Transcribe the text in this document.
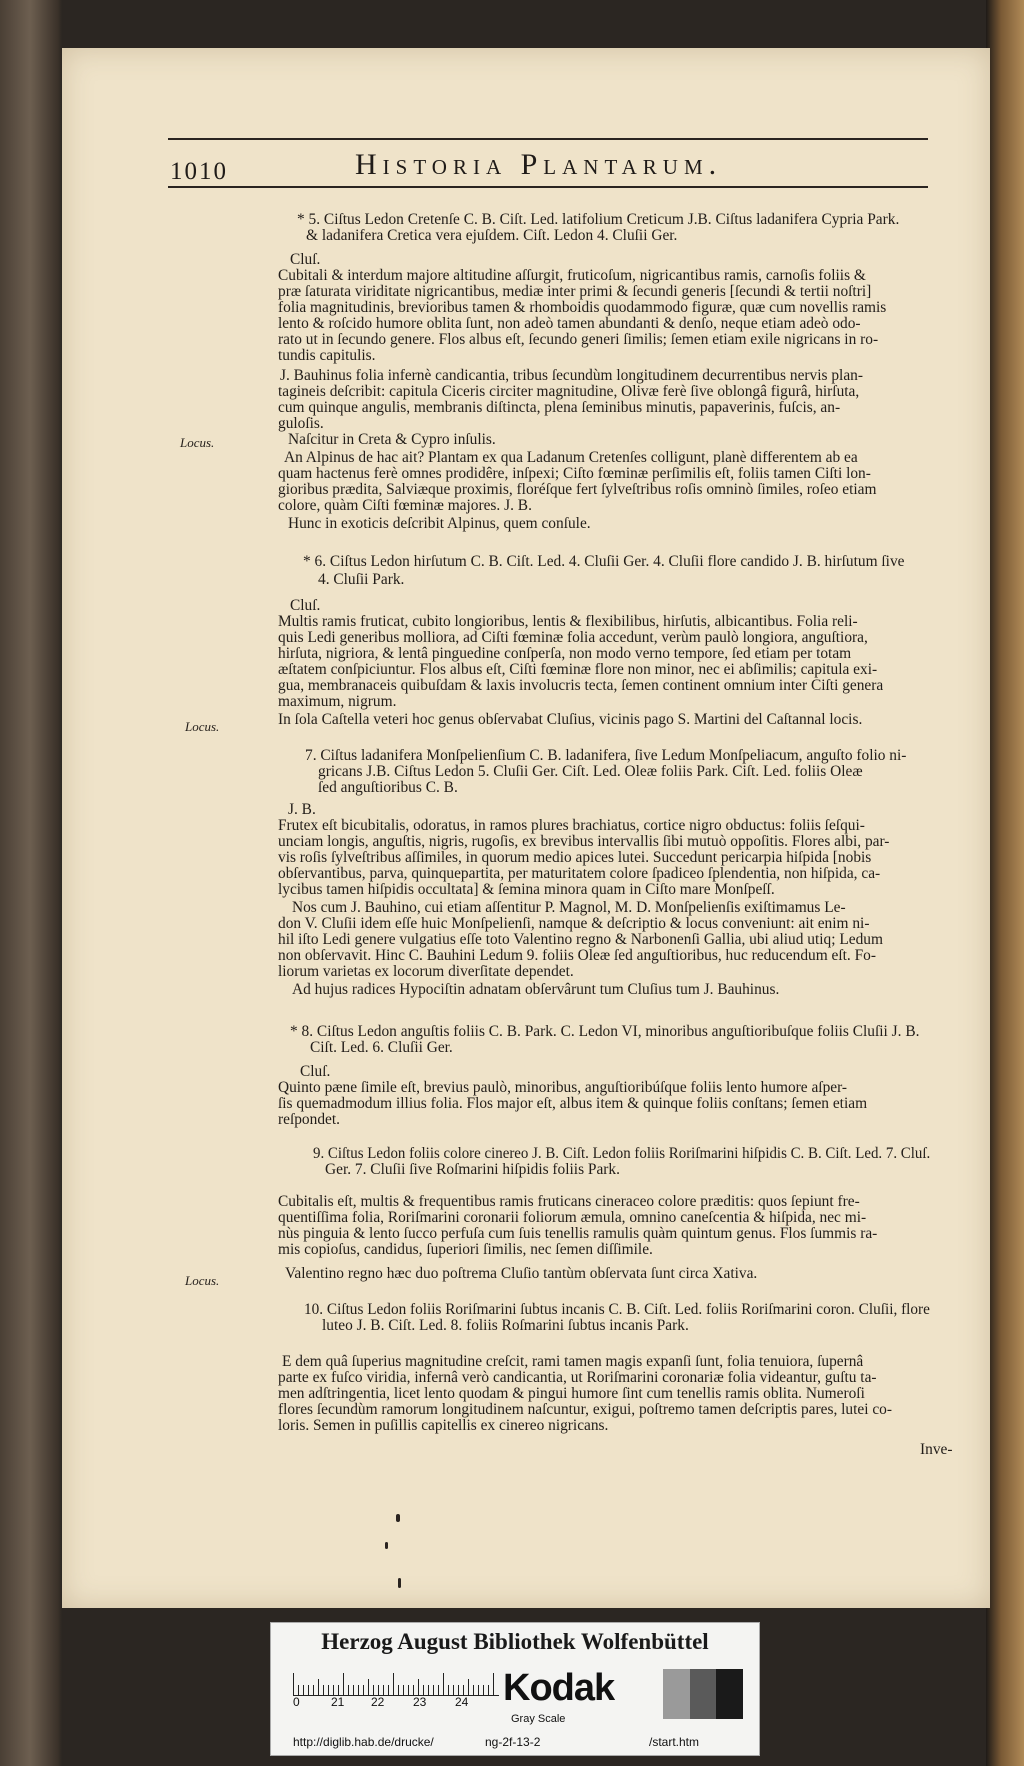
1010	Historia Plantarum.
Locus.
Locus.
Locus.
* 5. Ciſtus Ledon Cretenſe C. B. Ciſt. Led. latifolium Creticum J.B. Ciſtus ladanifera Cypria Park.
& ladanifera Cretica vera ejuſdem. Ciſt. Ledon 4. Cluſii Ger.
Cluſ.
Cubitali & interdum majore altitudine aſſurgit, fruticoſum, nigricantibus ramis, carnoſis foliis &
præ ſaturata viriditate nigricantibus, mediæ inter primi & ſecundi generis [ſecundi & tertii noſtri]
folia magnitudinis, brevioribus tamen & rhomboidis quodammodo figuræ, quæ cum novellis ramis
lento & roſcido humore oblita ſunt, non adeò tamen abundanti & denſo, neque etiam adeò odo-
rato ut in ſecundo genere. Flos albus eſt, ſecundo generi ſimilis; ſemen etiam exile nigricans in ro-
tundis capitulis.
J. Bauhinus folia infernè candicantia, tribus ſecundùm longitudinem decurrentibus nervis plan-
tagineis deſcribit: capitula Ciceris circiter magnitudine, Olivæ ferè ſive oblongâ figurâ, hirſuta,
cum quinque angulis, membranis diſtincta, plena ſeminibus minutis, papaverinis, fuſcis, an-
guloſis.
Naſcitur in Creta & Cypro inſulis.
An Alpinus de hac ait? Plantam ex qua Ladanum Cretenſes colligunt, planè differentem ab ea
quam hactenus ferè omnes prodidêre, inſpexi; Ciſto fœminæ perſimilis eſt, foliis tamen Ciſti lon-
gioribus prædita, Salviæque proximis, floréſque fert ſylveſtribus roſis omninò ſimiles, roſeo etiam
colore, quàm Ciſti fœminæ majores. J. B.
Hunc in exoticis deſcribit Alpinus, quem conſule.
* 6. Ciſtus Ledon hirſutum C. B. Ciſt. Led. 4. Cluſii Ger. 4. Cluſii flore candido J. B. hirſutum ſive
4. Cluſii Park.
Cluſ.
Multis ramis fruticat, cubito longioribus, lentis & flexibilibus, hirſutis, albicantibus. Folia reli-
quis Ledi generibus molliora, ad Ciſti fœminæ folia accedunt, verùm paulò longiora, anguſtiora,
hirſuta, nigriora, & lentâ pinguedine conſperſa, non modo verno tempore, ſed etiam per totam
æſtatem conſpiciuntur. Flos albus eſt, Ciſti fœminæ flore non minor, nec ei abſimilis; capitula exi-
gua, membranaceis quibuſdam & laxis involucris tecta, ſemen continent omnium inter Ciſti genera
maximum, nigrum.
In ſola Caſtella veteri hoc genus obſervabat Cluſius, vicinis pago S. Martini del Caſtannal locis.
7. Ciſtus ladanifera Monſpelienſium C. B. ladanifera, ſive Ledum Monſpeliacum, anguſto folio ni-
gricans J.B. Ciſtus Ledon 5. Cluſii Ger. Ciſt. Led. Oleæ foliis Park. Ciſt. Led. foliis Oleæ
ſed anguſtioribus C. B.
J. B.
Frutex eſt bicubitalis, odoratus, in ramos plures brachiatus, cortice nigro obductus: foliis ſeſqui-
unciam longis, anguſtis, nigris, rugoſis, ex brevibus intervallis ſibi mutuò oppoſitis. Flores albi, par-
vis roſis ſylveſtribus aſſimiles, in quorum medio apices lutei. Succedunt pericarpia hiſpida [nobis
obſervantibus, parva, quinquepartita, per maturitatem colore ſpadiceo ſplendentia, non hiſpida, ca-
lycibus tamen hiſpidis occultata] & ſemina minora quam in Ciſto mare Monſpeſſ.
Nos cum J. Bauhino, cui etiam aſſentitur P. Magnol, M. D. Monſpelienſis exiſtimamus Le-
don V. Cluſii idem eſſe huic Monſpelienſi, namque & deſcriptio & locus conveniunt: ait enim ni-
hil iſto Ledi genere vulgatius eſſe toto Valentino regno & Narbonenſi Gallia, ubi aliud utiq; Ledum
non obſervavit. Hinc C. Bauhini Ledum 9. foliis Oleæ ſed anguſtioribus, huc reducendum eſt. Fo-
liorum varietas ex locorum diverſitate dependet.
Ad hujus radices Hypociſtin adnatam obſervârunt tum Cluſius tum J. Bauhinus.
* 8. Ciſtus Ledon anguſtis foliis C. B. Park. C. Ledon VI, minoribus anguſtioribuſque foliis Cluſii J. B.
Ciſt. Led. 6. Cluſii Ger.
Cluſ.
Quinto pæne ſimile eſt, brevius paulò, minoribus, anguſtioribúſque foliis lento humore aſper-
ſis quemadmodum illius folia. Flos major eſt, albus item & quinque foliis conſtans; ſemen etiam
reſpondet.
9. Ciſtus Ledon foliis colore cinereo J. B. Ciſt. Ledon foliis Roriſmarini hiſpidis C. B. Ciſt. Led. 7. Cluſ.
Ger. 7. Cluſii ſive Roſmarini hiſpidis foliis Park.
Cubitalis eſt, multis & frequentibus ramis fruticans cineraceo colore præditis: quos ſepiunt fre-
quentiſſima folia, Roriſmarini coronarii foliorum æmula, omnino caneſcentia & hiſpida, nec mi-
nùs pinguia & lento ſucco perfuſa cum ſuis tenellis ramulis quàm quintum genus. Flos ſummis ra-
mis copioſus, candidus, ſuperiori ſimilis, nec ſemen diſſimile.
Valentino regno hæc duo poſtrema Cluſio tantùm obſervata ſunt circa Xativa.
10. Ciſtus Ledon foliis Roriſmarini ſubtus incanis C. B. Ciſt. Led. foliis Roriſmarini coron. Cluſii, flore
luteo J. B. Ciſt. Led. 8. foliis Roſmarini ſubtus incanis Park.
E dem quâ ſuperius magnitudine creſcit, rami tamen magis expanſi ſunt, folia tenuiora, ſupernâ
parte ex fuſco viridia, infernâ verò candicantia, ut Roriſmarini coronariæ folia videantur, guſtu ta-
men adſtringentia, licet lento quodam & pingui humore ſint cum tenellis ramis oblita. Numeroſi
flores ſecundùm ramorum longitudinem naſcuntur, exigui, poſtremo tamen deſcriptis pares, lutei co-
loris. Semen in puſillis capitellis ex cinereo nigricans.
Inve-
Herzog August Bibliothek Wolfenbüttel
0	21 22 23 24 Kodak
Gray Scale
http://diglib.hab.de/drucke/	ng-2f-13-2	/start.htm
